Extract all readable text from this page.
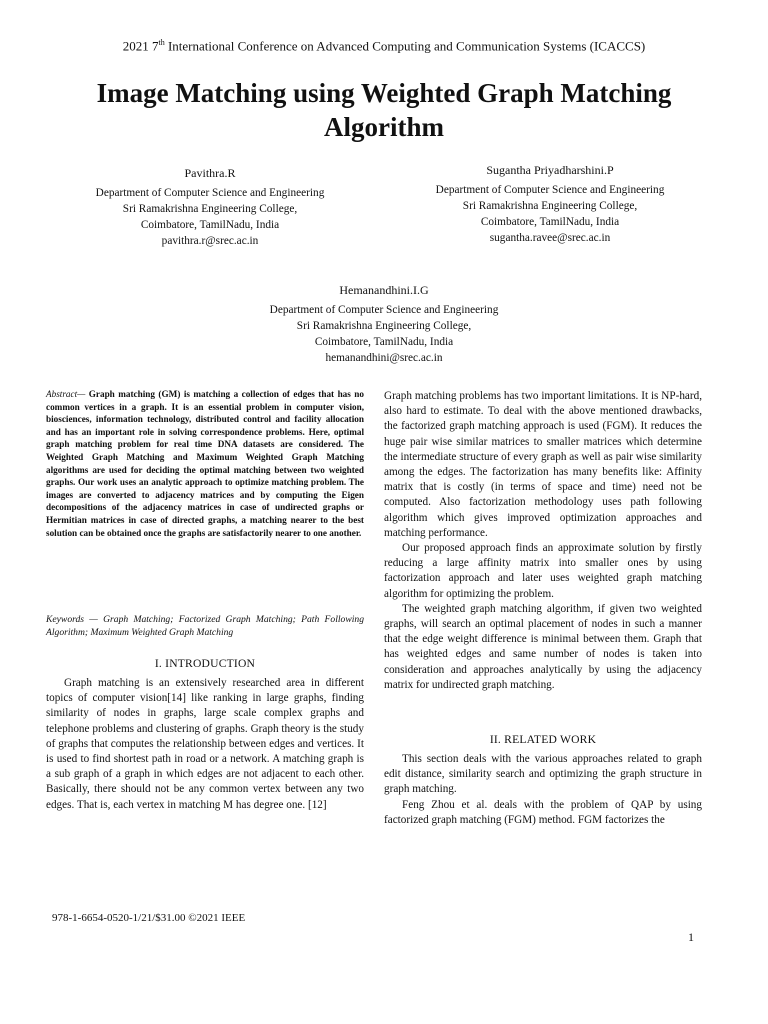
2021 7th International Conference on Advanced Computing and Communication Systems (ICACCS)
Image Matching using Weighted Graph Matching Algorithm
Pavithra.R
Department of Computer Science and Engineering
Sri Ramakrishna Engineering College,
Coimbatore, TamilNadu, India
pavithra.r@srec.ac.in
Sugantha Priyadharshini.P
Department of Computer Science and Engineering
Sri Ramakrishna Engineering College,
Coimbatore, TamilNadu, India
sugantha.ravee@srec.ac.in
Hemanandhini.I.G
Department of Computer Science and Engineering
Sri Ramakrishna Engineering College,
Coimbatore, TamilNadu, India
hemanandhini@srec.ac.in
Abstract— Graph matching (GM) is matching a collection of edges that has no common vertices in a graph. It is an essential problem in computer vision, biosciences, information technology, distributed control and facility allocation and has an important role in solving correspondence problems. Here, optimal graph matching problem for real time DNA datasets are considered. The Weighted Graph Matching and Maximum Weighted Graph Matching algorithms are used for deciding the optimal matching between two weighted graphs. Our work uses an analytic approach to optimize matching problem. The images are converted to adjacency matrices and by computing the Eigen decompositions of the adjacency matrices in case of undirected graphs or Hermitian matrices in case of directed graphs, a matching nearer to the best solution can be obtained once the graphs are satisfactorily nearer to one another.
Keywords — Graph Matching; Factorized Graph Matching; Path Following Algorithm; Maximum Weighted Graph Matching
I. INTRODUCTION

Graph matching is an extensively researched area in different topics of computer vision[14] like ranking in large graphs, finding similarity of nodes in graphs, large scale complex graphs and telephone problems and clustering of graphs. Graph theory is the study of graphs that computes the relationship between edges and vertices. It is used to find shortest path in road or a network. A matching graph is a sub graph of a graph in which edges are not adjacent to each other. Basically, there should not be any common vertex between any two edges. That is, each vertex in matching M has degree one. [12]

Graph matching problems has two important limitations. It is NP-hard, also hard to estimate. To deal with the above mentioned drawbacks, the factorized graph matching approach is used (FGM). It reduces the huge pair wise similar matrices to smaller matrices which determine the intermediate structure of every graph as well as pair wise similarity among the edges. The factorization has many benefits like: Affinity matrix that is costly (in terms of space and time) need not be computed. Also factorization methodology uses path following algorithm which gives improved optimization approaches and matching performance.

Our proposed approach finds an approximate solution by firstly reducing a large affinity matrix into smaller ones by using factorization approach and later uses weighted graph matching algorithm for optimizing the problem.

The weighted graph matching algorithm, if given two weighted graphs, will search an optimal placement of nodes in such a manner that the edge weight difference is minimal between them. Graph that has weighted edges and same number of nodes is taken into consideration and approaches analytically by using the adjacency matrix for undirected graph matching.

II. RELATED WORK

This section deals with the various approaches related to graph edit distance, similarity search and optimizing the graph structure in graph matching.

Feng Zhou et al. deals with the problem of QAP by using factorized graph matching (FGM) method. FGM factorizes the

978-1-6654-0520-1/21/$31.00 ©2021 IEEE
1
